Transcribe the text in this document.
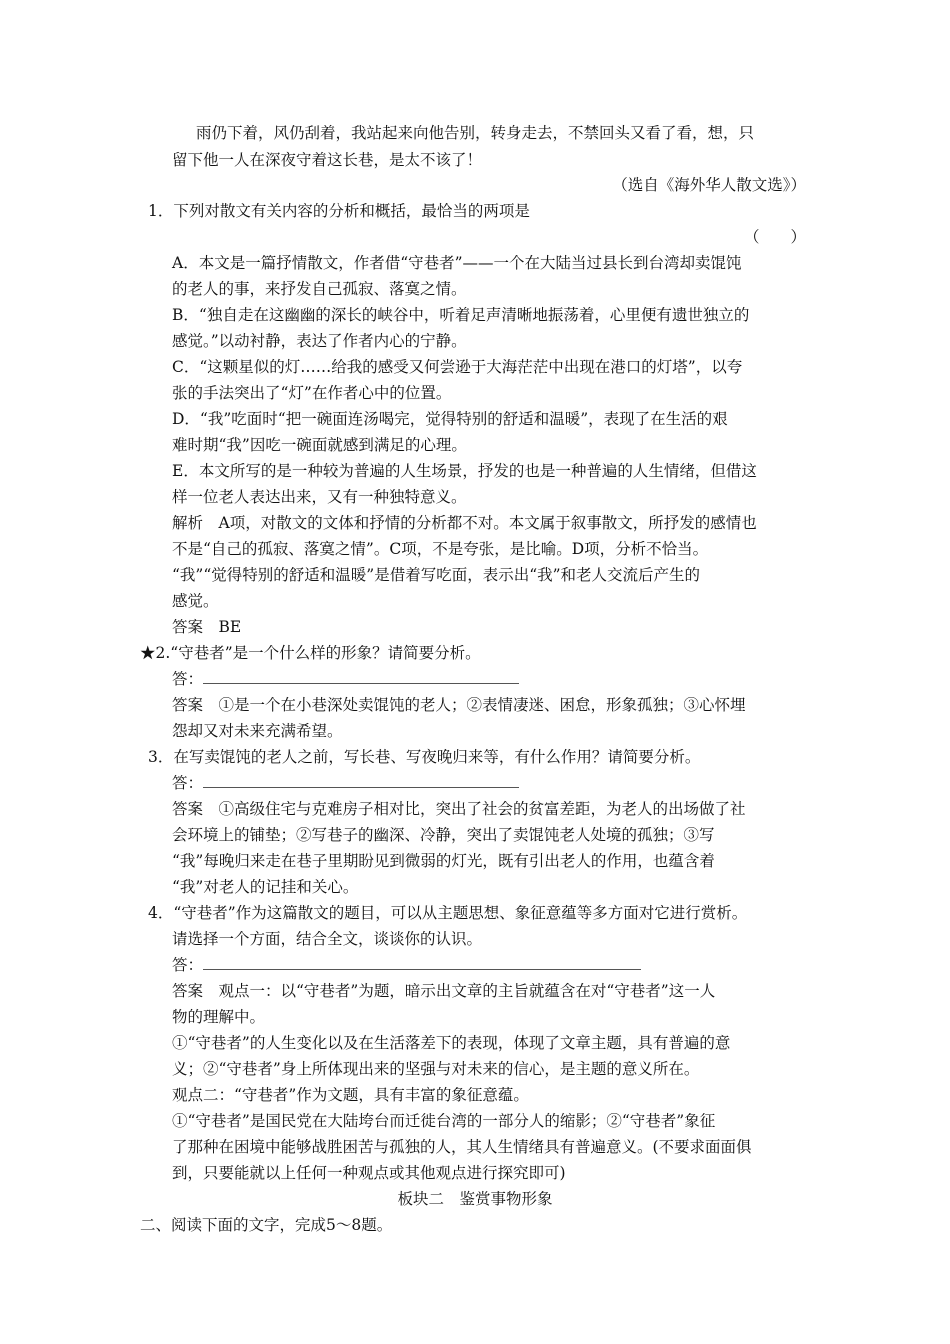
雨仍下着，风仍刮着，我站起来向他告别，转身走去，不禁回头又看了看，想，只
留下他一人在深夜守着这长巷，是太不该了！
（选自《海外华人散文选》）
1．下列对散文有关内容的分析和概括，最恰当的两项是
（　　）
A．本文是一篇抒情散文，作者借“守巷者”——一个在大陆当过县长到台湾却卖馄饨
的老人的事，来抒发自己孤寂、落寞之情。
B．“独自走在这幽幽的深长的峡谷中，听着足声清晰地振荡着，心里便有遗世独立的
感觉。”以动衬静，表达了作者内心的宁静。
C．“这颗星似的灯……给我的感受又何尝逊于大海茫茫中出现在港口的灯塔”，以夸
张的手法突出了“灯”在作者心中的位置。
D．“我”吃面时“把一碗面连汤喝完，觉得特别的舒适和温暖”，表现了在生活的艰
难时期“我”因吃一碗面就感到满足的心理。
E．本文所写的是一种较为普遍的人生场景，抒发的也是一种普遍的人生情绪，但借这
样一位老人表达出来，又有一种独特意义。
解析　A项，对散文的文体和抒情的分析都不对。本文属于叙事散文，所抒发的感情也
不是“自己的孤寂、落寞之情”。C项，不是夸张，是比喻。D项，分析不恰当。
“我”“觉得特别的舒适和温暖”是借着写吃面，表示出“我”和老人交流后产生的
感觉。
答案　BE
★2.“守巷者”是一个什么样的形象？请简要分析。
答：
答案　①是一个在小巷深处卖馄饨的老人；②表情凄迷、困怠，形象孤独；③心怀埋
怨却又对未来充满希望。
3．在写卖馄饨的老人之前，写长巷、写夜晚归来等，有什么作用？请简要分析。
答：
答案　①高级住宅与克难房子相对比，突出了社会的贫富差距，为老人的出场做了社
会环境上的铺垫；②写巷子的幽深、冷静，突出了卖馄饨老人处境的孤独；③写
“我”每晚归来走在巷子里期盼见到微弱的灯光，既有引出老人的作用，也蕴含着
“我”对老人的记挂和关心。
4．“守巷者”作为这篇散文的题目，可以从主题思想、象征意蕴等多方面对它进行赏析。
请选择一个方面，结合全文，谈谈你的认识。
答：
答案　观点一：以“守巷者”为题，暗示出文章的主旨就蕴含在对“守巷者”这一人
物的理解中。
①“守巷者”的人生变化以及在生活落差下的表现，体现了文章主题，具有普遍的意
义；②“守巷者”身上所体现出来的坚强与对未来的信心，是主题的意义所在。
观点二：“守巷者”作为文题，具有丰富的象征意蕴。
①“守巷者”是国民党在大陆垮台而迁徙台湾的一部分人的缩影；②“守巷者”象征
了那种在困境中能够战胜困苦与孤独的人，其人生情绪具有普遍意义。(不要求面面俱
到，只要能就以上任何一种观点或其他观点进行探究即可)
板块二　鉴赏事物形象
二、阅读下面的文字，完成5～8题。
